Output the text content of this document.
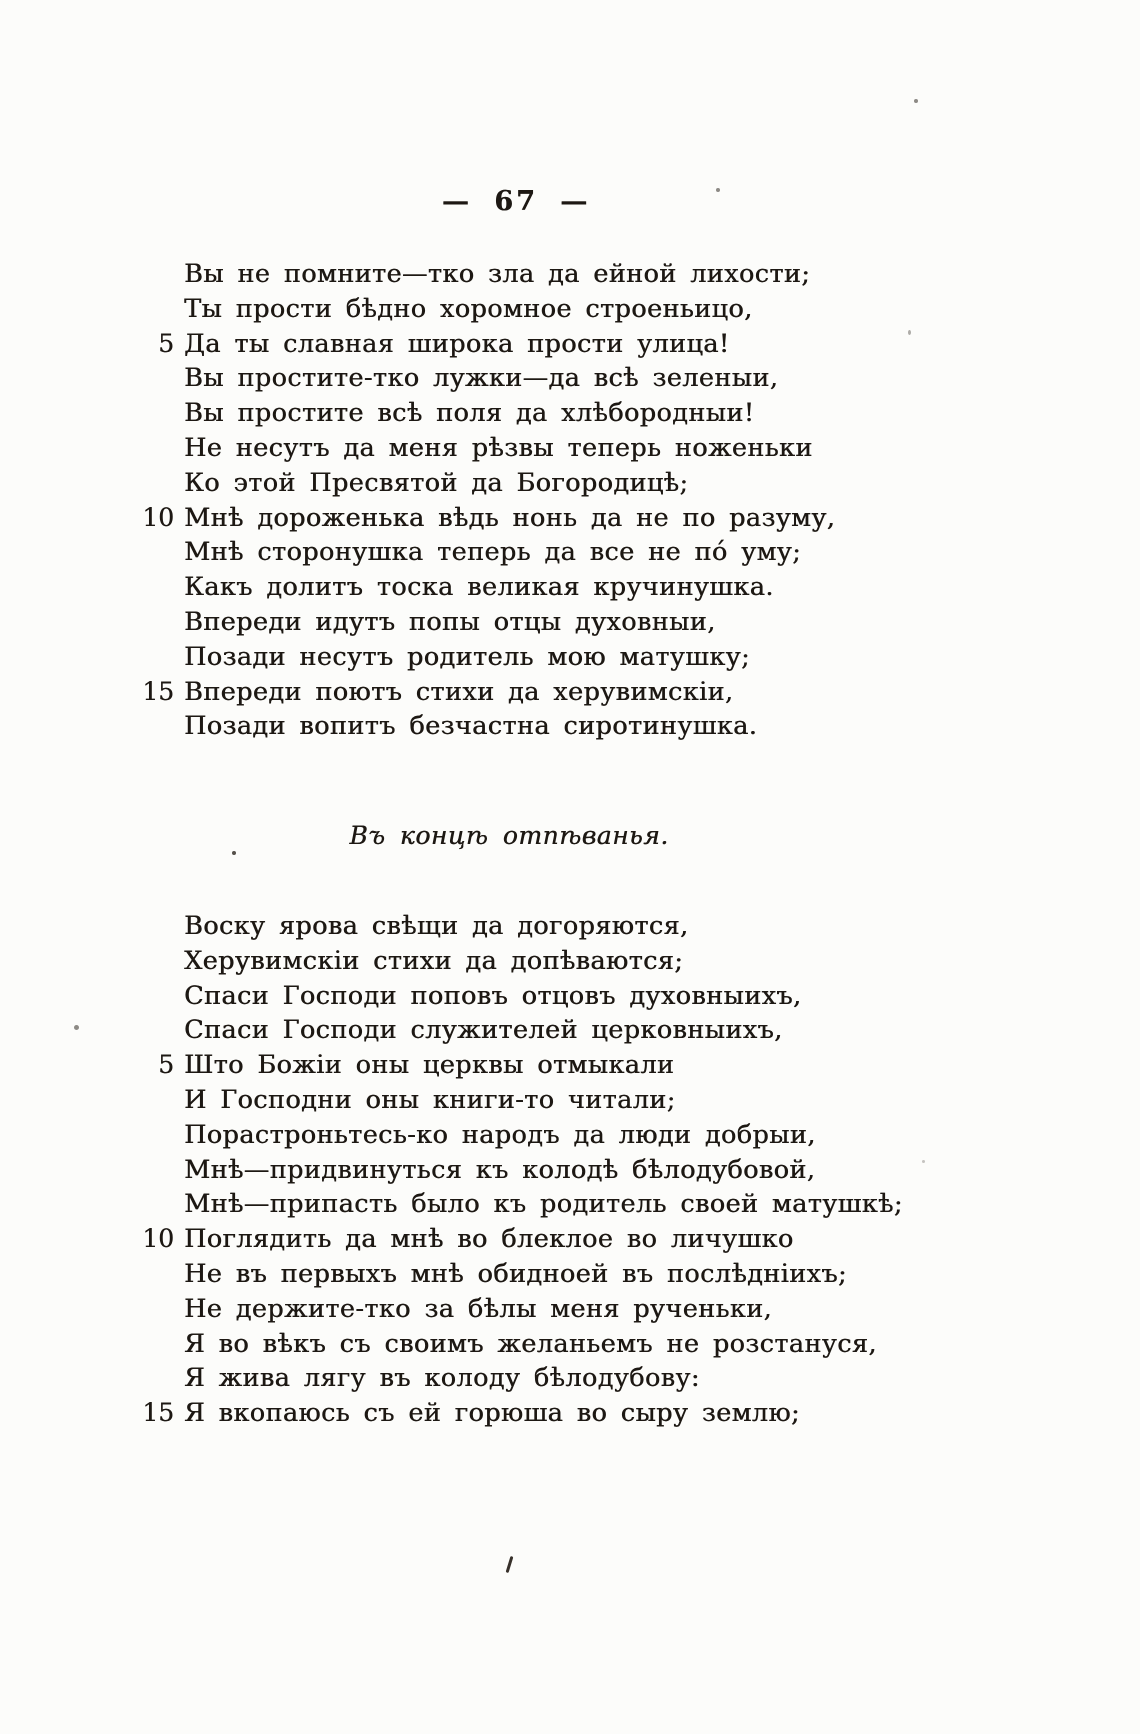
— 67 —
Вы не помните—тко зла да ейной лихости;
Ты прости бѣдно хоромное строеньицо,
5 Да ты славная широка прости улица!
Вы простите-тко лужки—да всѣ зеленыи,
Вы простите всѣ поля да хлѣбородныи!
Не несутъ да меня рѣзвы теперь ноженьки
Ко этой Пресвятой да Богородицѣ;
10 Мнѣ дороженька вѣдь нонь да не по разуму,
Мнѣ сторонушка теперь да все не по́ уму;
Какъ долитъ тоска великая кручинушка.
Впереди идутъ попы отцы духовныи,
Позади несутъ родитель мою матушку;
15 Впереди поютъ стихи да херувимскіи,
Позади вопитъ безчастна сиротинушка.
Въ концѣ отпѣванья.
Воску ярова свѣщи да догоряются,
Херувимскіи стихи да допѣваются;
Спаси Господи поповъ отцовъ духовныихъ,
Спаси Господи служителей церковныихъ,
5 Што Божіи оны церквы отмыкали
И Господни оны книги-то читали;
Порастроньтесь-ко народъ да люди добрыи,
Мнѣ—придвинуться къ колодѣ бѣлодубовой,
Мнѣ—припасть было къ родитель своей матушкѣ;
10 Поглядить да мнѣ во блеклое во личушко
Не въ первыхъ мнѣ обидноей въ послѣдніихъ;
Не держите-тко за бѣлы меня рученьки,
Я во вѣкъ съ своимъ желаньемъ не розстануся,
Я жива лягу въ колоду бѣлодубову:
15 Я вкопаюсь съ ей горюша во сыру землю;
